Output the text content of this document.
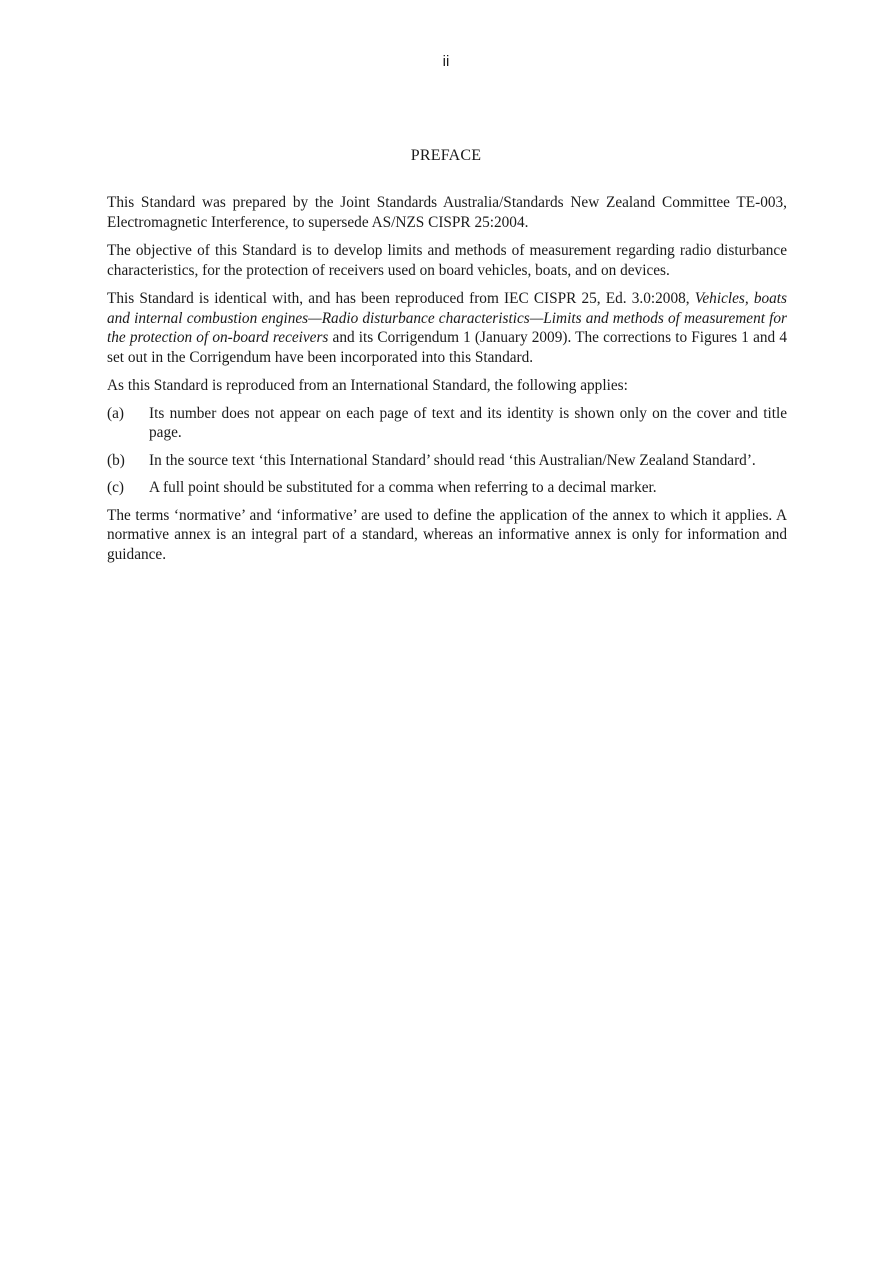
ii
PREFACE

This Standard was prepared by the Joint Standards Australia/Standards New Zealand Committee TE-003, Electromagnetic Interference, to supersede AS/NZS CISPR 25:2004.

The objective of this Standard is to develop limits and methods of measurement regarding radio disturbance characteristics, for the protection of receivers used on board vehicles, boats, and on devices.

This Standard is identical with, and has been reproduced from IEC CISPR 25, Ed. 3.0:2008, Vehicles, boats and internal combustion engines—Radio disturbance characteristics—Limits and methods of measurement for the protection of on-board receivers and its Corrigendum 1 (January 2009). The corrections to Figures 1 and 4 set out in the Corrigendum have been incorporated into this Standard.

As this Standard is reproduced from an International Standard, the following applies:

(a)	Its number does not appear on each page of text and its identity is shown only on the cover and title page.
(b)	In the source text ‘this International Standard’ should read ‘this Australian/New Zealand Standard’.
(c)	A full point should be substituted for a comma when referring to a decimal marker.

The terms ‘normative’ and ‘informative’ are used to define the application of the annex to which it applies. A normative annex is an integral part of a standard, whereas an informative annex is only for information and guidance.
